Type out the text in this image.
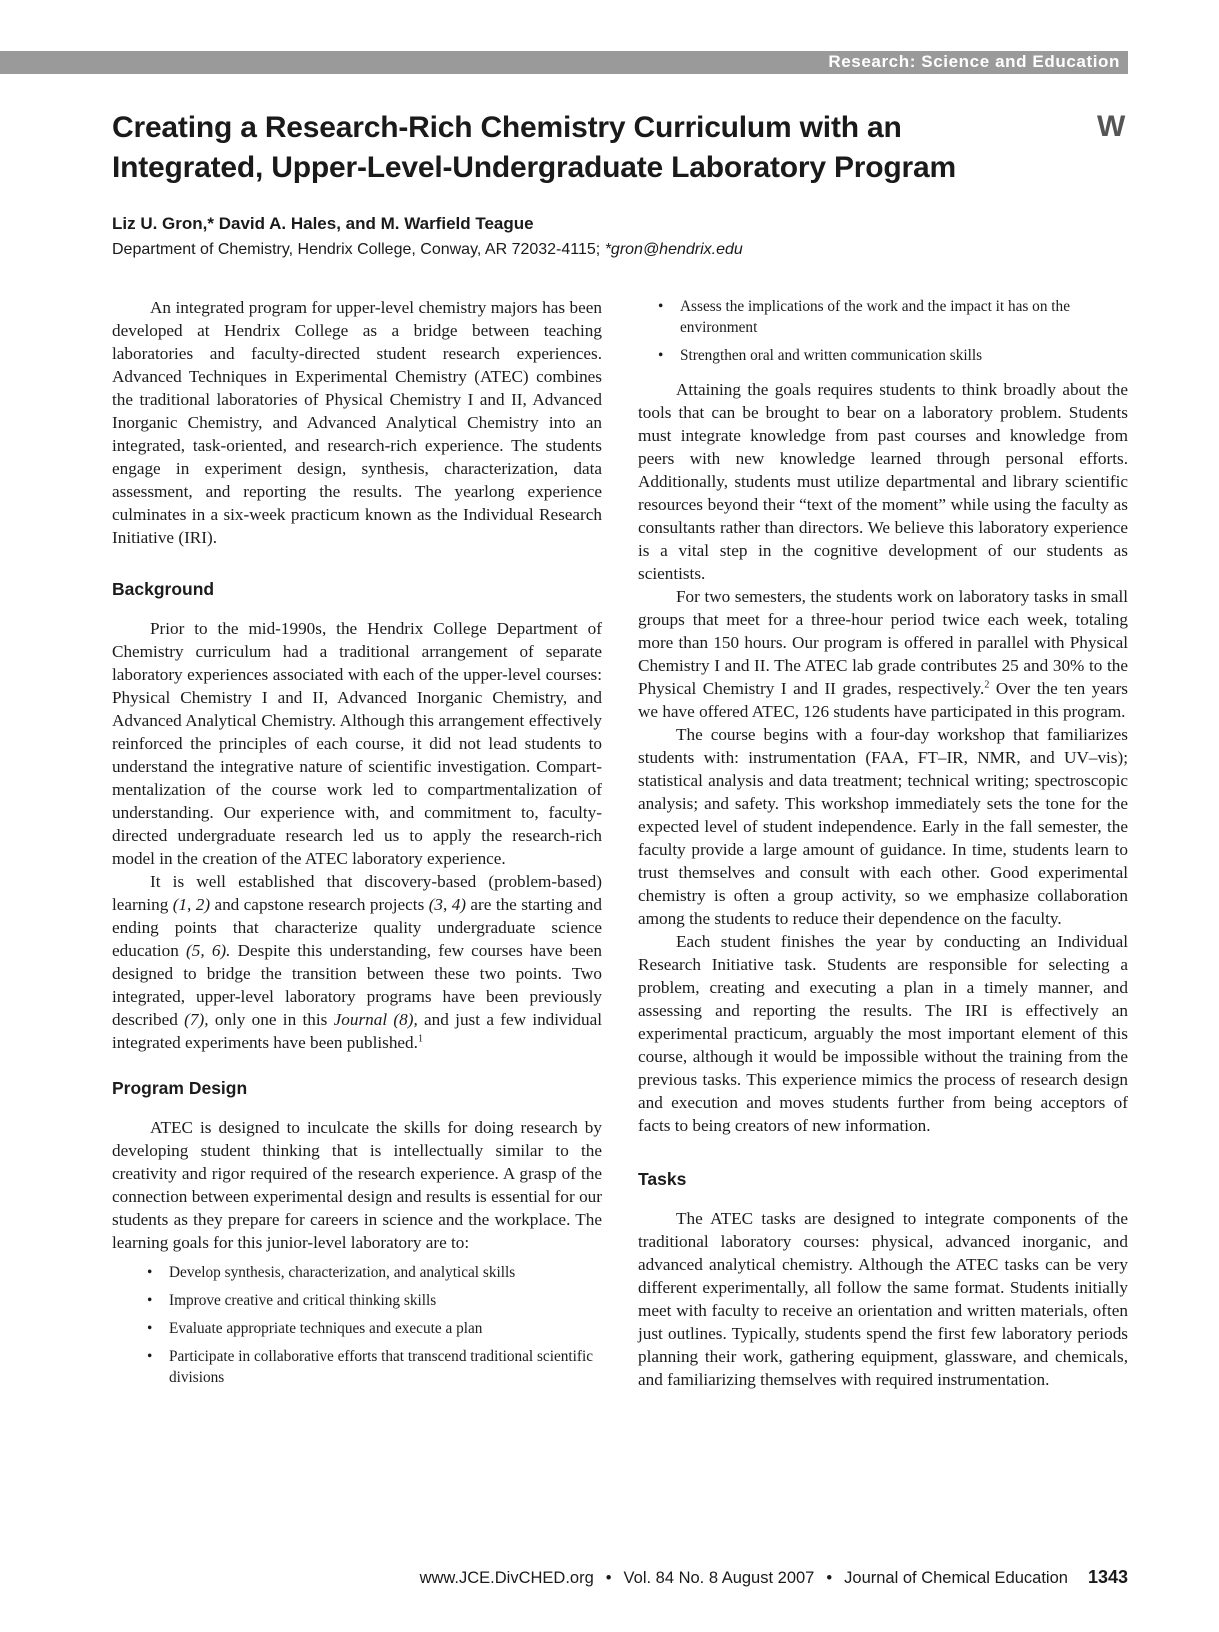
Research: Science and Education
Creating a Research-Rich Chemistry Curriculum with an
Integrated, Upper-Level-Undergraduate Laboratory Program
W
Liz U. Gron,* David A. Hales, and M. Warfield Teague
Department of Chemistry, Hendrix College, Conway, AR 72032-4115; *gron@hendrix.edu

An integrated program for upper-level chemistry majors has been developed at Hendrix College as a bridge between teaching laboratories and faculty-directed student research experiences. Advanced Techniques in Experimental Chemistry (ATEC) combines the traditional laboratories of Physical Chemistry I and II, Advanced Inorganic Chemistry, and Advanced Analytical Chemistry into an integrated, task-oriented, and research-rich experience. The students engage in experiment design, synthesis, characterization, data assessment, and reporting the results. The yearlong experience culminates in a six-week practicum known as the Individual Research Initiative (IRI).

Background

Prior to the mid-1990s, the Hendrix College Department of Chemistry curriculum had a traditional arrangement of separate laboratory experiences associated with each of the upper-level courses: Physical Chemistry I and II, Advanced Inorganic Chemistry, and Advanced Analytical Chemistry. Although this arrangement effectively reinforced the principles of each course, it did not lead students to understand the integrative nature of scientific investigation. Compartmentalization of the course work led to compartmentalization of understanding. Our experience with, and commitment to, faculty-directed undergraduate research led us to apply the research-rich model in the creation of the ATEC laboratory experience.

It is well established that discovery-based (problem-based) learning (1, 2) and capstone research projects (3, 4) are the starting and ending points that characterize quality undergraduate science education (5, 6). Despite this understanding, few courses have been designed to bridge the transition between these two points. Two integrated, upper-level laboratory programs have been previously described (7), only one in this Journal (8), and just a few individual integrated experiments have been published.$^1$

Program Design

ATEC is designed to inculcate the skills for doing research by developing student thinking that is intellectually similar to the creativity and rigor required of the research experience. A grasp of the connection between experimental design and results is essential for our students as they prepare for careers in science and the workplace. The learning goals for this junior-level laboratory are to:

• Develop synthesis, characterization, and analytical skills
• Improve creative and critical thinking skills
• Evaluate appropriate techniques and execute a plan
• Participate in collaborative efforts that transcend traditional scientific divisions
• Assess the implications of the work and the impact it has on the environment
• Strengthen oral and written communication skills

Attaining the goals requires students to think broadly about the tools that can be brought to bear on a laboratory problem. Students must integrate knowledge from past courses and knowledge from peers with new knowledge learned through personal efforts. Additionally, students must utilize departmental and library scientific resources beyond their “text of the moment” while using the faculty as consultants rather than directors. We believe this laboratory experience is a vital step in the cognitive development of our students as scientists.

For two semesters, the students work on laboratory tasks in small groups that meet for a three-hour period twice each week, totaling more than 150 hours. Our program is offered in parallel with Physical Chemistry I and II. The ATEC lab grade contributes 25 and 30% to the Physical Chemistry I and II grades, respectively.$^2$ Over the ten years we have offered ATEC, 126 students have participated in this program.

The course begins with a four-day workshop that familiarizes students with: instrumentation (FAA, FT–IR, NMR, and UV–vis); statistical analysis and data treatment; technical writing; spectroscopic analysis; and safety. This workshop immediately sets the tone for the expected level of student independence. Early in the fall semester, the faculty provide a large amount of guidance. In time, students learn to trust themselves and consult with each other. Good experimental chemistry is often a group activity, so we emphasize collaboration among the students to reduce their dependence on the faculty.

Each student finishes the year by conducting an Individual Research Initiative task. Students are responsible for selecting a problem, creating and executing a plan in a timely manner, and assessing and reporting the results. The IRI is effectively an experimental practicum, arguably the most important element of this course, although it would be impossible without the training from the previous tasks. This experience mimics the process of research design and execution and moves students further from being acceptors of facts to being creators of new information.

Tasks

The ATEC tasks are designed to integrate components of the traditional laboratory courses: physical, advanced inorganic, and advanced analytical chemistry. Although the ATEC tasks can be very different experimentally, all follow the same format. Students initially meet with faculty to receive an orientation and written materials, often just outlines. Typically, students spend the first few laboratory periods planning their work, gathering equipment, glassware, and chemicals, and familiarizing themselves with required instrumentation.

www.JCE.DivCHED.org • Vol. 84 No. 8 August 2007 • Journal of Chemical Education 1343
